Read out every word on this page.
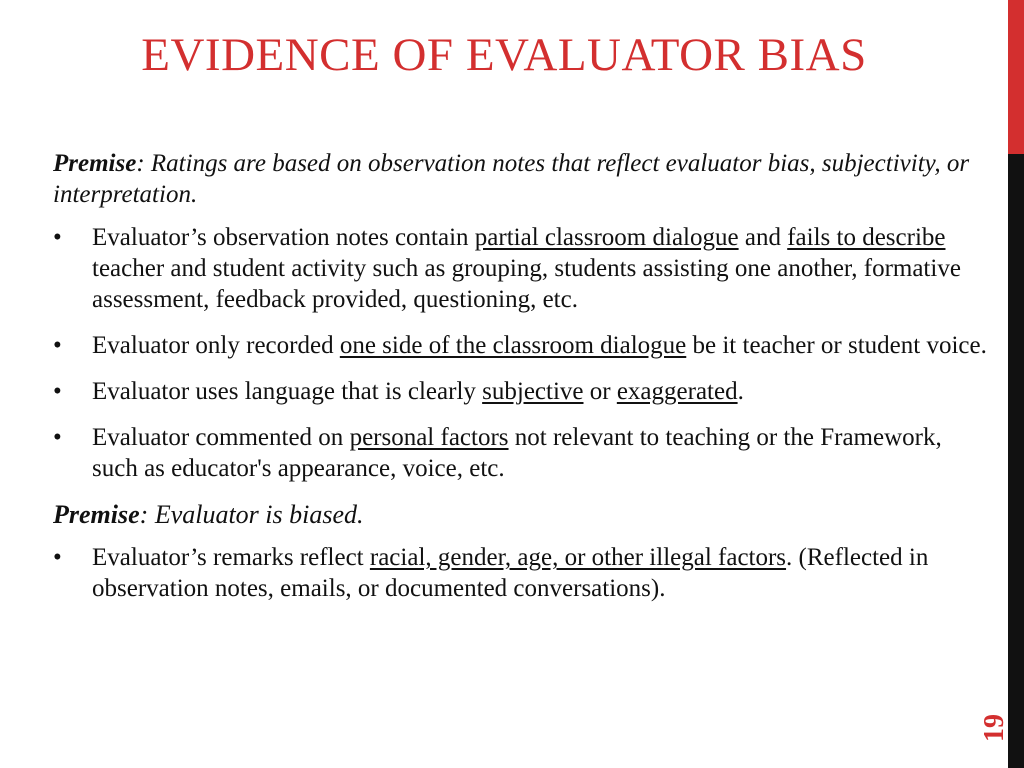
EVIDENCE OF EVALUATOR BIAS

Premise: Ratings are based on observation notes that reflect evaluator bias, subjectivity, or interpretation.

• Evaluator’s observation notes contain partial classroom dialogue and fails to describe teacher and student activity such as grouping, students assisting one another, formative assessment, feedback provided, questioning, etc.
• Evaluator only recorded one side of the classroom dialogue be it teacher or student voice.
• Evaluator uses language that is clearly subjective or exaggerated.
• Evaluator commented on personal factors not relevant to teaching or the Framework, such as educator's appearance, voice, etc.

Premise: Evaluator is biased.

• Evaluator’s remarks reflect racial, gender, age, or other illegal factors. (Reflected in observation notes, emails, or documented conversations).
19
